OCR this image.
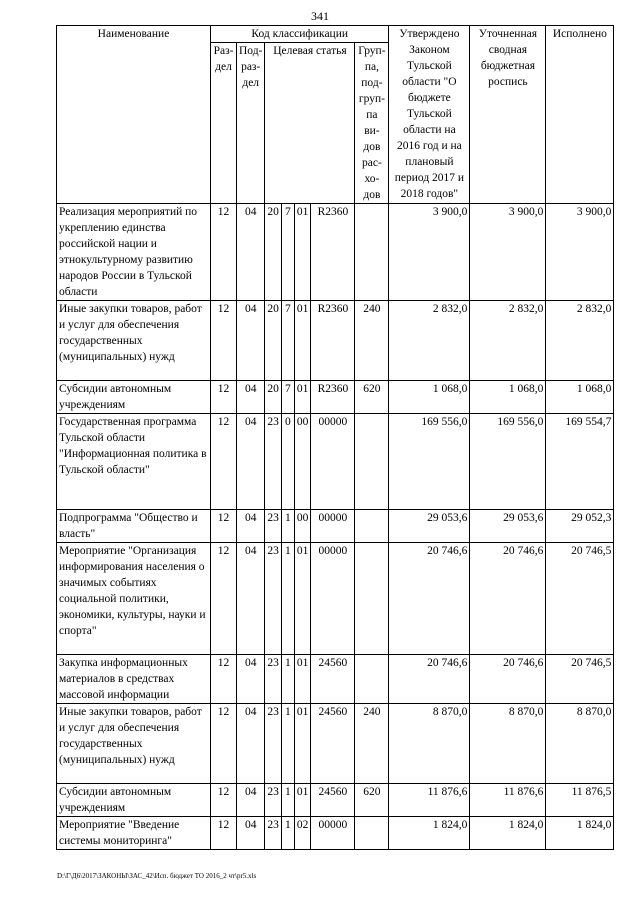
341
Наименование	Код классификации							Утверждено Законом Тульской области "О бюджете Тульской области на 2016 год и на плановый период 2017 и 2018 годов"	Уточненная сводная бюджетная роспись	Исполнено
	Раз-дел	Под-раз-дел	Целевая статья				Груп-па, под-груп-па ви-дов рас-хо-дов			
Реализация мероприятий по укреплению единства российской нации и этнокультурному развитию народов России в Тульской области	12	04	20	7	01	R2360		3 900,0	3 900,0	3 900,0
Иные закупки товаров, работ и услуг для обеспечения государственных (муниципальных) нужд	12	04	20	7	01	R2360	240	2 832,0	2 832,0	2 832,0
Субсидии автономным учреждениям	12	04	20	7	01	R2360	620	1 068,0	1 068,0	1 068,0
Государственная программа Тульской области "Информационная политика в Тульской области"	12	04	23	0	00	00000		169 556,0	169 556,0	169 554,7
Подпрограмма "Общество и власть"	12	04	23	1	00	00000		29 053,6	29 053,6	29 052,3
Мероприятие "Организация информирования населения о значимых событиях социальной политики, экономики, культуры, науки и спорта"	12	04	23	1	01	00000		20 746,6	20 746,6	20 746,5
Закупка информационных материалов в средствах массовой информации	12	04	23	1	01	24560		20 746,6	20 746,6	20 746,5
Иные закупки товаров, работ и услуг для обеспечения государственных (муниципальных) нужд	12	04	23	1	01	24560	240	8 870,0	8 870,0	8 870,0
Субсидии автономным учреждениям	12	04	23	1	01	24560	620	11 876,6	11 876,6	11 876,5
Мероприятие "Введение системы мониторинга"	12	04	23	1	02	00000		1 824,0	1 824,0	1 824,0
D:\Г\Д6\2017\ЗАКОНЫ\ЗАС_42\Исп. бюджет ТО 2016_2 чт\pr5.xls
